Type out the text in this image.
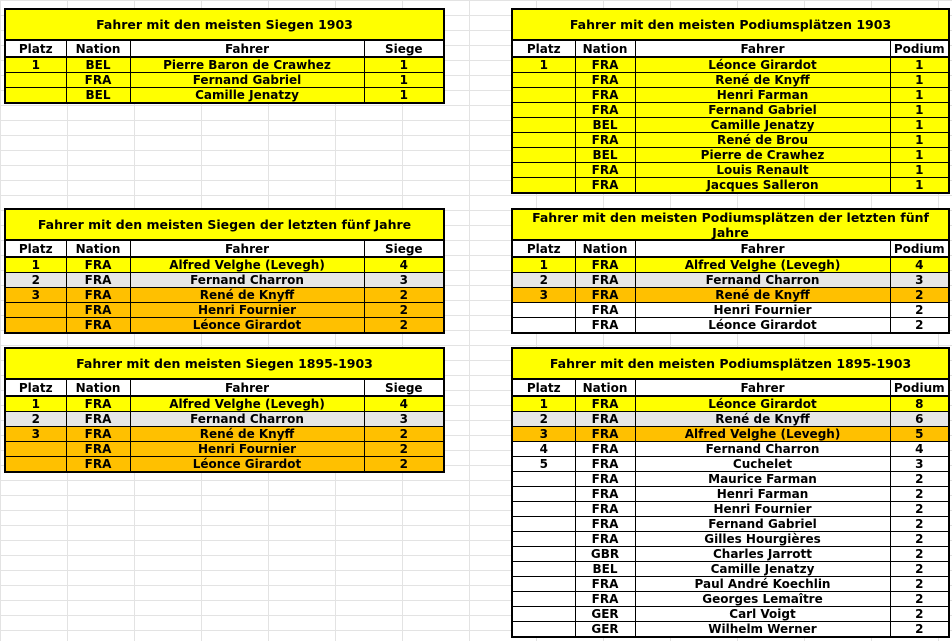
Fahrer mit den meisten Siegen 1903
Platz	Nation	Fahrer	Siege
1	BEL	Pierre Baron de Crawhez	1
	FRA	Fernand Gabriel	1
	BEL	Camille Jenatzy	1
Fahrer mit den meisten Podiumsplätzen 1903
Platz	Nation	Fahrer	Podium
1	FRA	Léonce Girardot	1
	FRA	René de Knyff	1
	FRA	Henri Farman	1
	FRA	Fernand Gabriel	1
	BEL	Camille Jenatzy	1
	FRA	René de Brou	1
	BEL	Pierre de Crawhez	1
	FRA	Louis Renault	1
	FRA	Jacques Salleron	1
Fahrer mit den meisten Siegen der letzten fünf Jahre
Platz	Nation	Fahrer	Siege
1	FRA	Alfred Velghe (Levegh)	4
2	FRA	Fernand Charron	3
3	FRA	René de Knyff	2
	FRA	Henri Fournier	2
	FRA	Léonce Girardot	2
Fahrer mit den meisten Podiumsplätzen der letzten fünf Jahre
Platz	Nation	Fahrer	Podium
1	FRA	Alfred Velghe (Levegh)	4
2	FRA	Fernand Charron	3
3	FRA	René de Knyff	2
	FRA	Henri Fournier	2
	FRA	Léonce Girardot	2
Fahrer mit den meisten Siegen 1895-1903
Platz	Nation	Fahrer	Siege
1	FRA	Alfred Velghe (Levegh)	4
2	FRA	Fernand Charron	3
3	FRA	René de Knyff	2
	FRA	Henri Fournier	2
	FRA	Léonce Girardot	2
Fahrer mit den meisten Podiumsplätzen 1895-1903
Platz	Nation	Fahrer	Podium
1	FRA	Léonce Girardot	8
2	FRA	René de Knyff	6
3	FRA	Alfred Velghe (Levegh)	5
4	FRA	Fernand Charron	4
5	FRA	Cuchelet	3
	FRA	Maurice Farman	2
	FRA	Henri Farman	2
	FRA	Henri Fournier	2
	FRA	Fernand Gabriel	2
	FRA	Gilles Hourgières	2
	GBR	Charles Jarrott	2
	BEL	Camille Jenatzy	2
	FRA	Paul André Koechlin	2
	FRA	Georges Lemaître	2
	GER	Carl Voigt	2
	GER	Wilhelm Werner	2
